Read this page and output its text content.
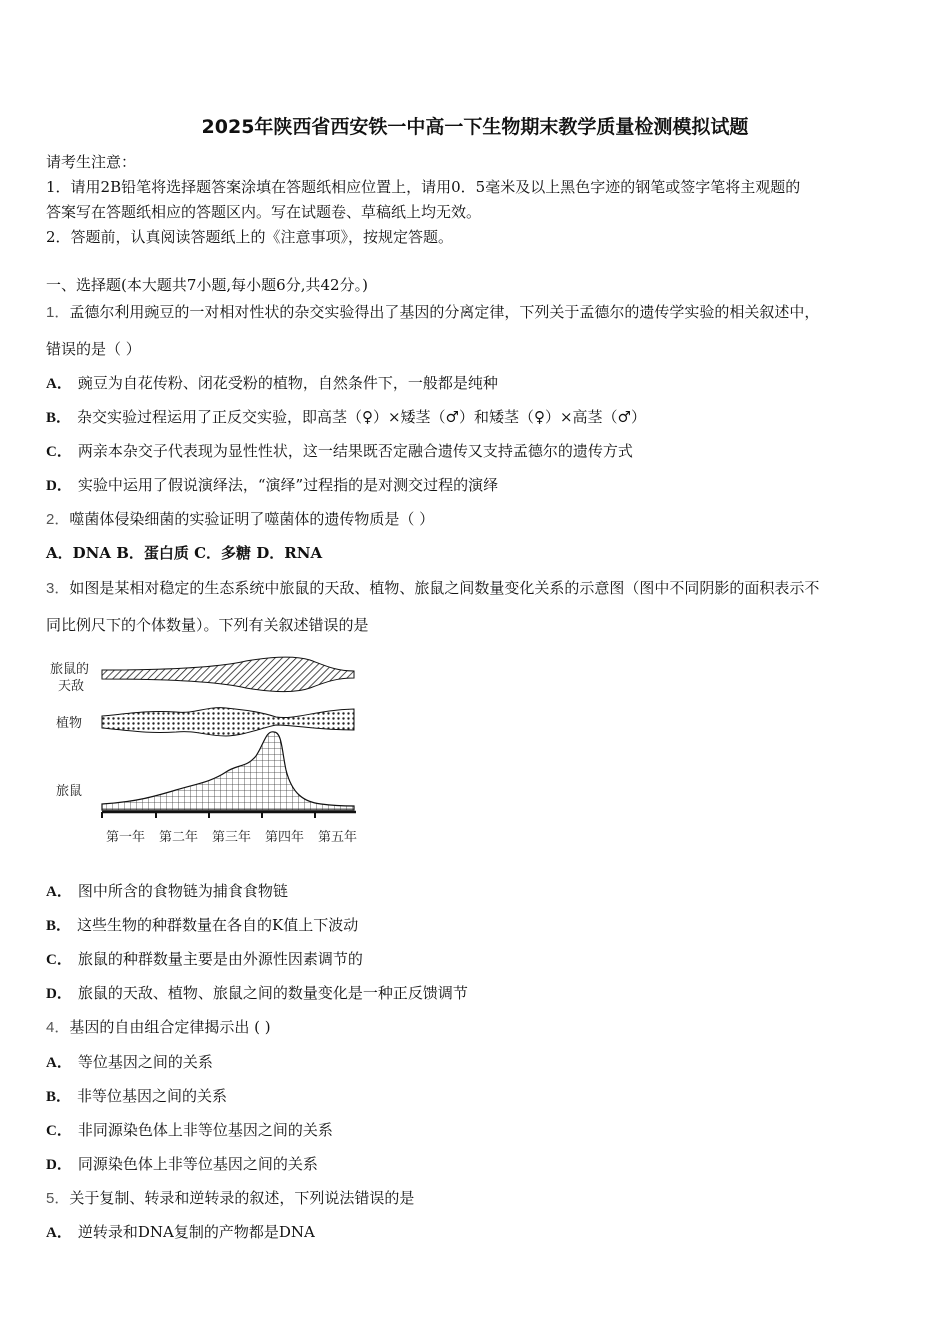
2025年陕西省西安铁一中高一下生物期末教学质量检测模拟试题
请考生注意：
1．请用2B铅笔将选择题答案涂填在答题纸相应位置上，请用0．5毫米及以上黑色字迹的钢笔或签字笔将主观题的
答案写在答题纸相应的答题区内。写在试题卷、草稿纸上均无效。
2．答题前，认真阅读答题纸上的《注意事项》，按规定答题。
一、选择题(本大题共7小题,每小题6分,共42分。)
1．孟德尔利用豌豆的一对相对性状的杂交实验得出了基因的分离定律，下列关于孟德尔的遗传学实验的相关叙述中，
错误的是（ ）
A． 豌豆为自花传粉、闭花受粉的植物，自然条件下，一般都是纯种
B． 杂交实验过程运用了正反交实验，即高茎（♀）×矮茎（♂）和矮茎（♀）×高茎（♂）
C． 两亲本杂交子代表现为显性性状，这一结果既否定融合遗传又支持孟德尔的遗传方式
D． 实验中运用了假说演绎法，“演绎”过程指的是对测交过程的演绎
2．噬菌体侵染细菌的实验证明了噬菌体的遗传物质是（ ）
A．DNA B．蛋白质 C．多糖 D．RNA
3．如图是某相对稳定的生态系统中旅鼠的天敌、植物、旅鼠之间数量变化关系的示意图（图中不同阴影的面积表示不
同比例尺下的个体数量）。下列有关叙述错误的是
旅鼠的
天敌
植物
旅鼠
第一年 第二年 第三年 第四年 第五年
A． 图中所含的食物链为捕食食物链
B． 这些生物的种群数量在各自的K值上下波动
C． 旅鼠的种群数量主要是由外源性因素调节的
D． 旅鼠的天敌、植物、旅鼠之间的数量变化是一种正反馈调节
4．基因的自由组合定律揭示出 ( )
A． 等位基因之间的关系
B． 非等位基因之间的关系
C． 非同源染色体上非等位基因之间的关系
D． 同源染色体上非等位基因之间的关系
5．关于复制、转录和逆转录的叙述，下列说法错误的是
A． 逆转录和DNA复制的产物都是DNA
